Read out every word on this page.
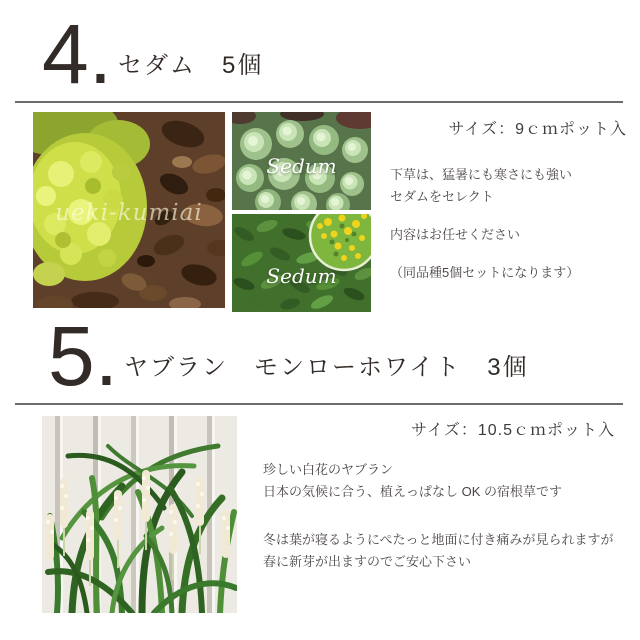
4. セダム　5個
ueki-kumiai
Sedum
Sedum
サイズ：9ｃｍポット入

下草は、猛暑にも寒さにも強い

セダムをセレクト

内容はお任せください

（同品種5個セットになります）

5. ヤブラン　モンローホワイト　3個
サイズ：10.5ｃｍポット入

珍しい白花のヤブラン

日本の気候に合う、植えっぱなし OK の宿根草です

冬は葉が寝るようにぺたっと地面に付き痛みが見られますが

春に新芽が出ますのでご安心下さい
